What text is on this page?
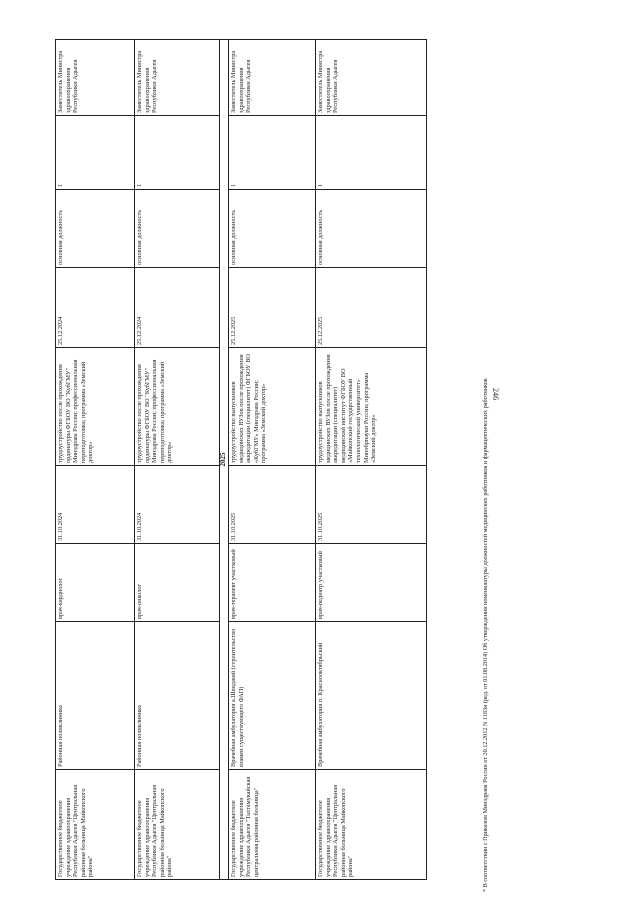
246
Государственное бюджетное учреждение здравоохранения Республики Адыгея "Центральная районная больница Майкопского района"	Районная поликлиника	врач-кардиолог	31.10.2024	трудоустройство после прохождения ординатуры ФГБОУ ВО "КубГМУ" Минздрава России; профессиональная переподготовка; программа «Земский доктор»	25.12.2024	основная должность	1	Заместитель Министра здравоохранения Республики Адыгея
Государственное бюджетное учреждение здравоохранения Республики Адыгея "Центральная районная больница Майкопского района"	Районная поликлиника	врач-онколог	31.10.2024	трудоустройство после прохождения ординатуры ФГБОУ ВО "КубГМУ" Минздрава России; профессиональная переподготовка; программа «Земский доктор»	25.12.2024	основная должность	1	Заместитель Министра здравоохранения Республики Адыгея
2025								
Государственное бюджетное учреждение здравоохранения Республики Адыгея "Тахтамукайская центральная районная больница"	Врачебная амбулатория а.Шенджий (строительство взамен существующего ФАП)	врач-терапевт участковый	31.10.2025	трудоустройство выпускников медицинских ВУЗов после прохождения аккредитации (специалитет) ФГБОУ ВО «КубГМУ» Минздрава России; программа «Земский доктор»	25.12.2025	основная должность	1	Заместитель Министра здравоохранения Республики Адыгея
Государственное бюджетное учреждение здравоохранения Республики Адыгея "Центральная районная больница Майкопского района"	Врачебная амбулатория п. Краснооктябрьский	врач-педиатр участковый	31.10.2025	трудоустройство выпускников медицинских ВУЗов после прохождения аккредитации (специалитет) медицинский институт ФГБОУ ВО «Майкопский государственный технологический университет» Минобрнауки России; программа «Земский доктор»	25.12.2025	основная должность	1	Заместитель Министра здравоохранения Республики Адыгея
* В соответствии с Приказом Минздрава России от 20.12.2012 N 1183н (ред. от 01.08.2014) Об утверждении номенклатуры должностей медицинских работников и фармацевтических работников
